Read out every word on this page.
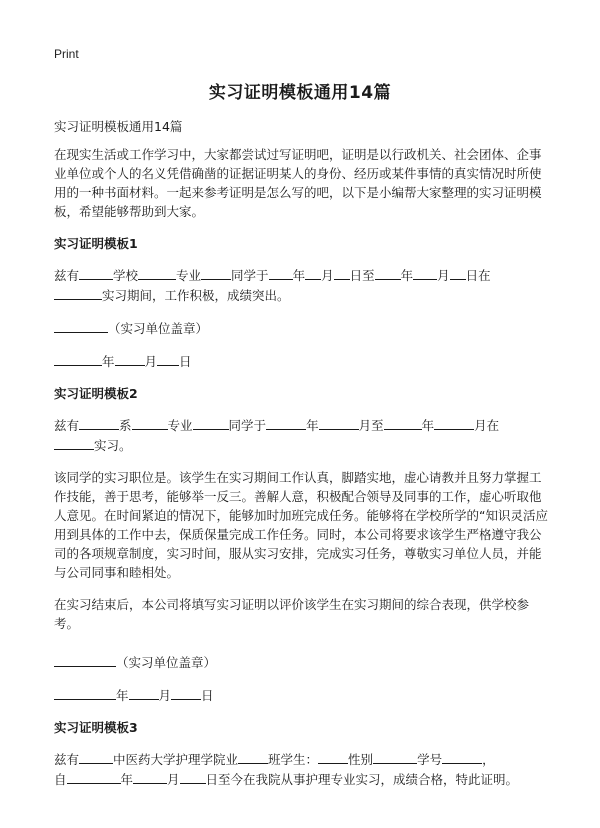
Print
实习证明模板通用14篇

实习证明模板通用14篇

在现实生活或工作学习中，大家都尝试过写证明吧，证明是以行政机关、社会团体、企事业单位或个人的名义凭借确凿的证据证明某人的身份、经历或某件事情的真实情况时所使用的一种书面材料。一起来参考证明是怎么写的吧，以下是小编帮大家整理的实习证明模板，希望能够帮助到大家。

实习证明模板1

兹有	学校	专业 同学于 年 月 日至 年 月 日在
实习期间，工作积极，成绩突出。

（实习单位盖章）

年 月 日

实习证明模板2

兹有	系	专业	同学于	年	月至	年	月在
实习。

该同学的实习职位是。该学生在实习期间工作认真，脚踏实地，虚心请教并且努力掌握工作技能，善于思考，能够举一反三。善解人意，积极配合领导及同事的工作，虚心听取他人意见。在时间紧迫的情况下，能够加时加班完成任务。能够将在学校所学的“知识灵活应用到具体的工作中去，保质保量完成工作任务。同时，本公司将要求该学生严格遵守我公司的各项规章制度，实习时间，服从实习安排，完成实习任务，尊敬实习单位人员，并能与公司同事和睦相处。

在实习结束后，本公司将填写实习证明以评价该学生在实习期间的综合表现，供学校参考。

（实习单位盖章）

年 月 日

实习证明模板3

兹有	中医药大学护理学院业 班学生： 性别	学号	，
自	年	月 日至今在我院从事护理专业实习，成绩合格，特此证明。
